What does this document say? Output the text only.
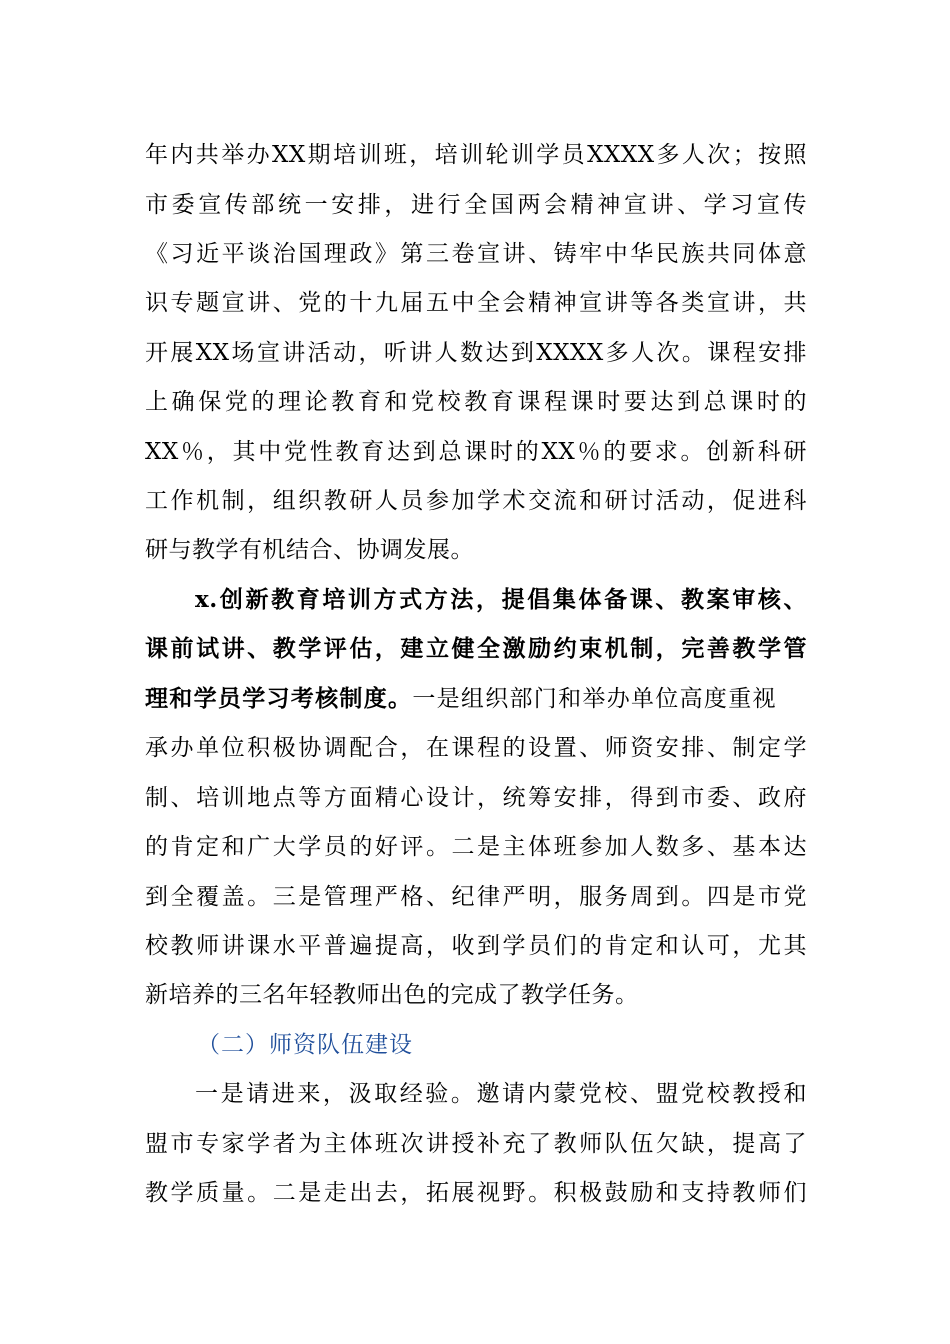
年内共举办XX期培训班，培训轮训学员XXXX多人次；按照
市委宣传部统一安排，进行全国两会精神宣讲、学习宣传
《习近平谈治国理政》第三卷宣讲、铸牢中华民族共同体意
识专题宣讲、党的十九届五中全会精神宣讲等各类宣讲，共
开展XX场宣讲活动，听讲人数达到XXXX多人次。课程安排
上确保党的理论教育和党校教育课程课时要达到总课时的
XX％，其中党性教育达到总课时的XX％的要求。创新科研
工作机制，组织教研人员参加学术交流和研讨活动，促进科
研与教学有机结合、协调发展。
x.创新教育培训方式方法，提倡集体备课、教案审核、
课前试讲、教学评估，建立健全激励约束机制，完善教学管
理和学员学习考核制度。一是组织部门和举办单位高度重视
承办单位积极协调配合，在课程的设置、师资安排、制定学
制、培训地点等方面精心设计，统筹安排，得到市委、政府
的肯定和广大学员的好评。二是主体班参加人数多、基本达
到全覆盖。三是管理严格、纪律严明，服务周到。四是市党
校教师讲课水平普遍提高，收到学员们的肯定和认可，尤其
新培养的三名年轻教师出色的完成了教学任务。
（二）师资队伍建设
一是请进来，汲取经验。邀请内蒙党校、盟党校教授和
盟市专家学者为主体班次讲授补充了教师队伍欠缺，提高了
教学质量。二是走出去，拓展视野。积极鼓励和支持教师们
